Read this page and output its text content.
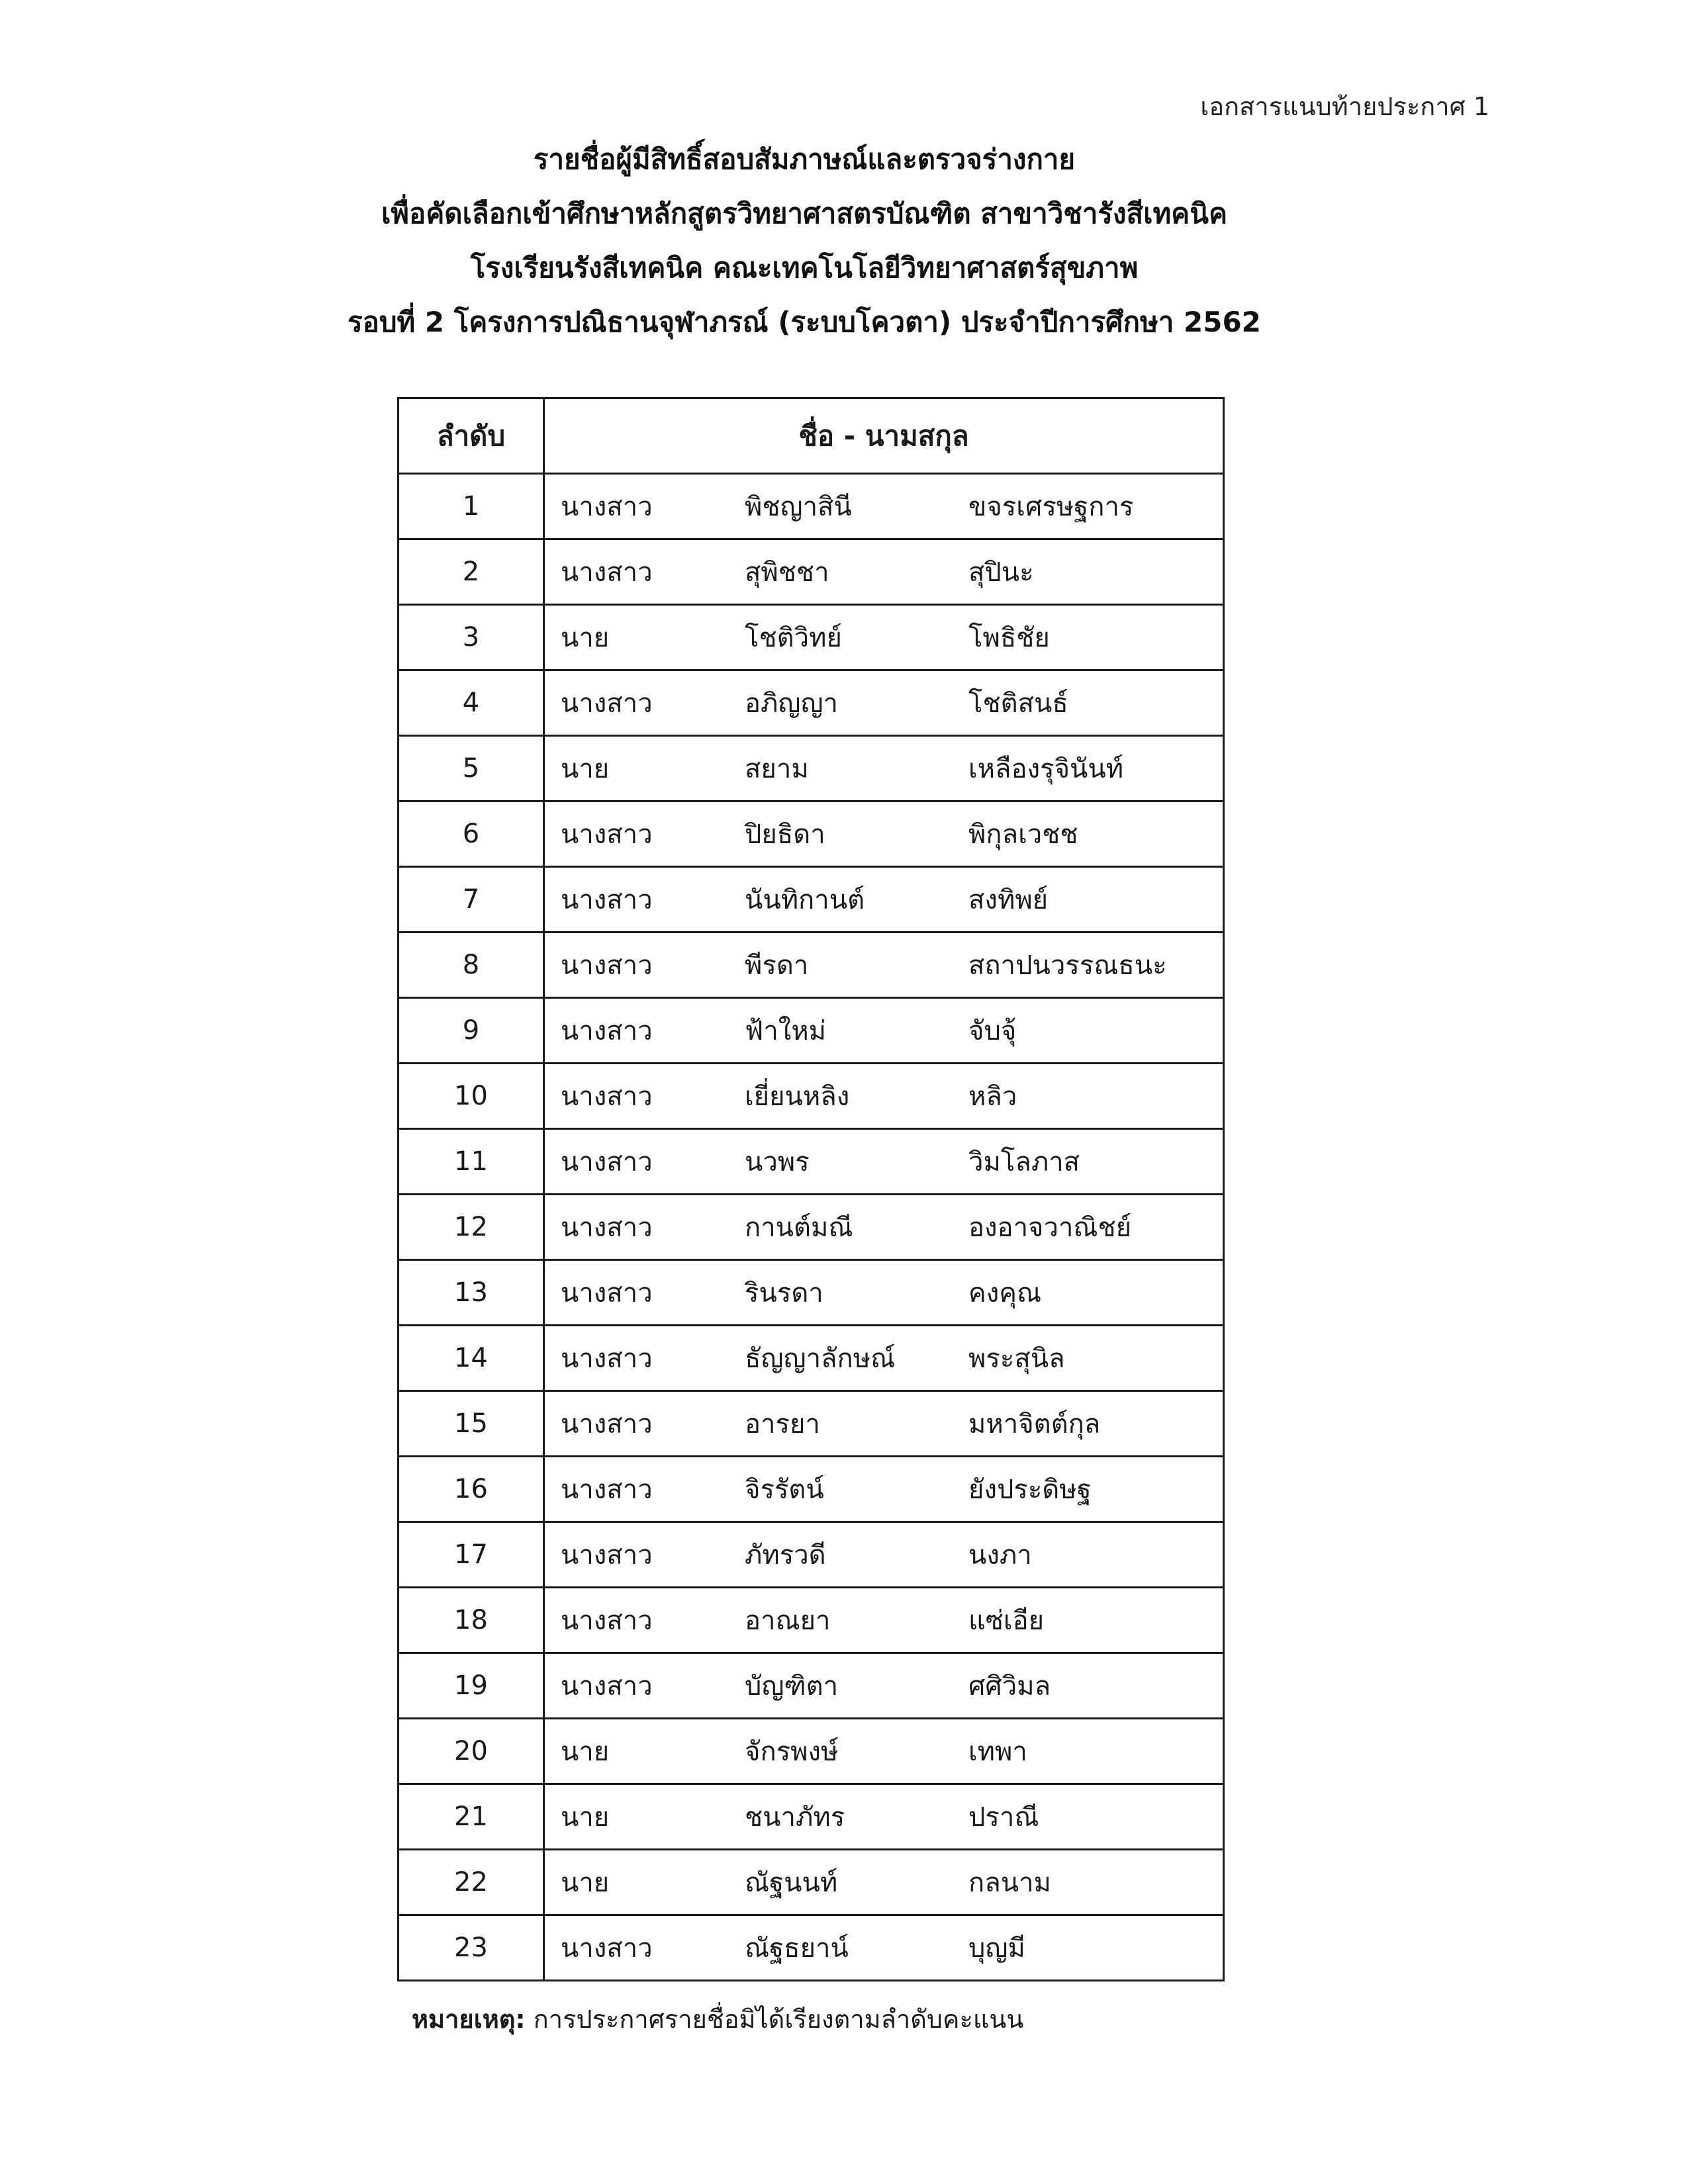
เอกสารแนบท้ายประกาศ 1
รายชื่อผู้มีสิทธิ์สอบสัมภาษณ์และตรวจร่างกาย
เพื่อคัดเลือกเข้าศึกษาหลักสูตรวิทยาศาสตรบัณฑิต สาขาวิชารังสีเทคนิค
โรงเรียนรังสีเทคนิค คณะเทคโนโลยีวิทยาศาสตร์สุขภาพ
รอบที่ 2 โครงการปณิธานจุฬาภรณ์ (ระบบโควตา) ประจำปีการศึกษา 2562
ลำดับ	ชื่อ - นามสกุล
1	นางสาว พิชญาสินี ขจรเศรษฐการ

2	นางสาว สุพิชชา สุปินะ

3	นาย โชติวิทย์ โพธิชัย

4	นางสาว อภิญญา โชติสนธ์

5	นาย สยาม เหลืองรุจินันท์

6	นางสาว ปิยธิดา พิกุลเวชช

7	นางสาว นันทิกานต์ สงทิพย์

8	นางสาว พีรดา สถาปนวรรณธนะ

9	นางสาว ฟ้าใหม่ จับจุ้

10	นางสาว เยี่ยนหลิง หลิว

11	นางสาว นวพร วิมโลภาส

12	นางสาว กานต์มณี องอาจวาณิชย์

13	นางสาว รินรดา คงคุณ

14	นางสาว ธัญญาลักษณ์ พระสุนิล

15	นางสาว อารยา มหาจิตต์กุล

16	นางสาว จิรรัตน์ ยังประดิษฐ

17	นางสาว ภัทรวดี นงภา

18	นางสาว อาณยา แซ่เอีย

19	นางสาว บัญฑิตา ศศิวิมล

20	นาย จักรพงษ์ เทพา

21	นาย ชนาภัทร ปราณี

22	นาย ณัฐนนท์ กลนาม

23	นางสาว ณัฐธยาน์ บุญมี
หมายเหตุ: การประกาศรายชื่อมิได้เรียงตามลำดับคะแนน
